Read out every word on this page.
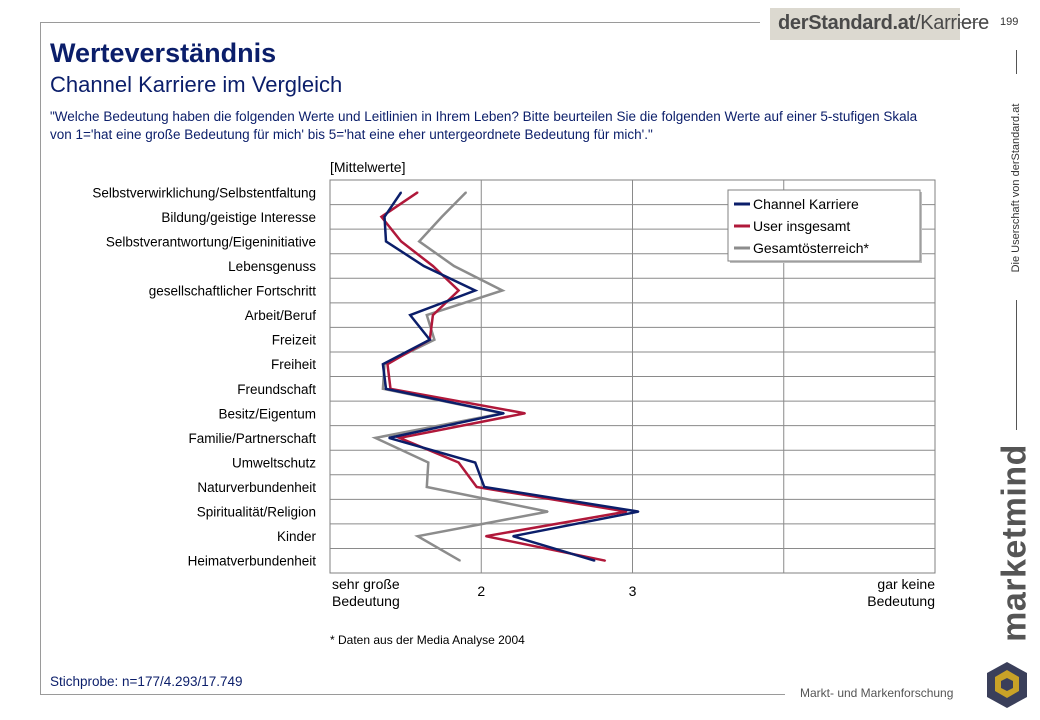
derStandard.at/Karriere 199
Die Userschaft von derStandard.at
marketmind
Markt- und Markenforschung
Werteverständnis
Channel Karriere im Vergleich
"Welche Bedeutung haben die folgenden Werte und Leitlinien in Ihrem Leben? Bitte beurteilen Sie die folgenden Werte auf einer 5-stufigen Skala von 1='hat eine große Bedeutung für mich' bis 5='hat eine eher untergeordnete Bedeutung für mich'."
Stichprobe: n=177/4.293/17.749
[Mittelwerte]
Selbstverwirklichung/Selbstentfaltung
Bildung/geistige Interesse
Selbstverantwortung/Eigeninitiative
Lebensgenuss
gesellschaftlicher Fortschritt
Arbeit/Beruf
Freizeit
Freiheit
Freundschaft
Besitz/Eigentum
Familie/Partnerschaft
Umweltschutz
Naturverbundenheit
Spiritualität/Religion
Kinder
Heimatverbundenheit
2	3
sehr große
Bedeutung
gar keine
Bedeutung
Channel Karriere
User insgesamt
Gesamtösterreich*
* Daten aus der Media Analyse 2004
